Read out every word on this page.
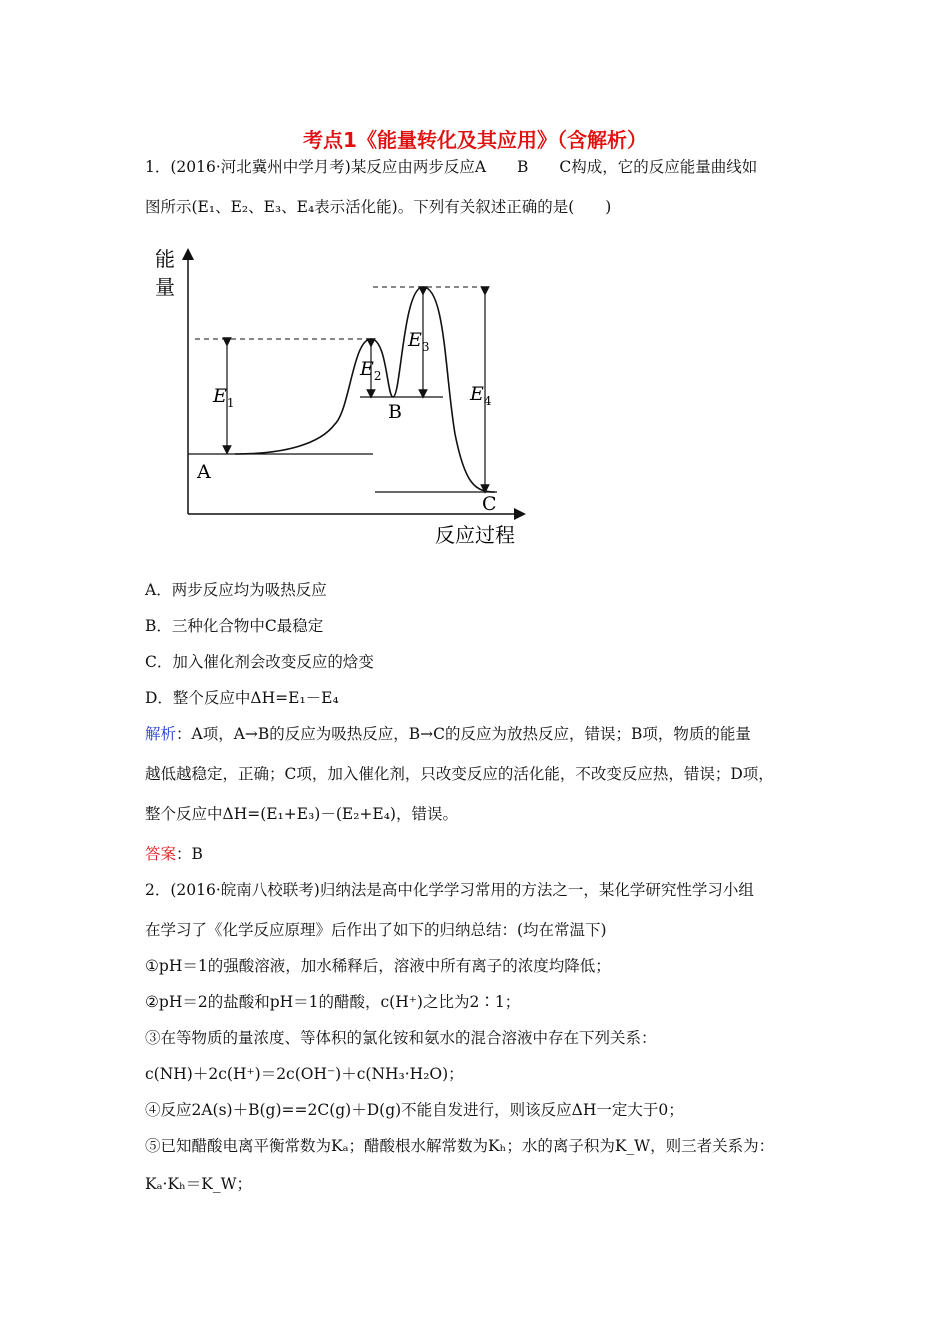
考点1《能量转化及其应用》（含解析）
1．(2016·河北冀州中学月考)某反应由两步反应A　　B　　C构成，它的反应能量曲线如
图所示(E₁、E₂、E₃、E₄表示活化能)。下列有关叙述正确的是(　　)
能
量
反应过程
$E_1$
$E_2$
$E_3$
$E_4$
A
B
C
A．两步反应均为吸热反应
B．三种化合物中C最稳定
C．加入催化剂会改变反应的焓变
D．整个反应中ΔH=E₁－E₄
解析：A项，A→B的反应为吸热反应，B→C的反应为放热反应，错误；B项，物质的能量
越低越稳定，正确；C项，加入催化剂，只改变反应的活化能，不改变反应热，错误；D项，
整个反应中ΔH=(E₁+E₃)－(E₂+E₄)，错误。
答案：B
2．(2016·皖南八校联考)归纳法是高中化学学习常用的方法之一，某化学研究性学习小组
在学习了《化学反应原理》后作出了如下的归纳总结：(均在常温下)
①pH＝1的强酸溶液，加水稀释后，溶液中所有离子的浓度均降低；
②pH＝2的盐酸和pH＝1的醋酸，c(H⁺)之比为2∶1；
③在等物质的量浓度、等体积的氯化铵和氨水的混合溶液中存在下列关系：
c(NH)＋2c(H⁺)＝2c(OH⁻)＋c(NH₃·H₂O)；
④反应2A(s)＋B(g)==2C(g)＋D(g)不能自发进行，则该反应ΔH一定大于0；
⑤已知醋酸电离平衡常数为Kₐ；醋酸根水解常数为Kₕ；水的离子积为K_W，则三者关系为：
Kₐ·Kₕ＝K_W；
